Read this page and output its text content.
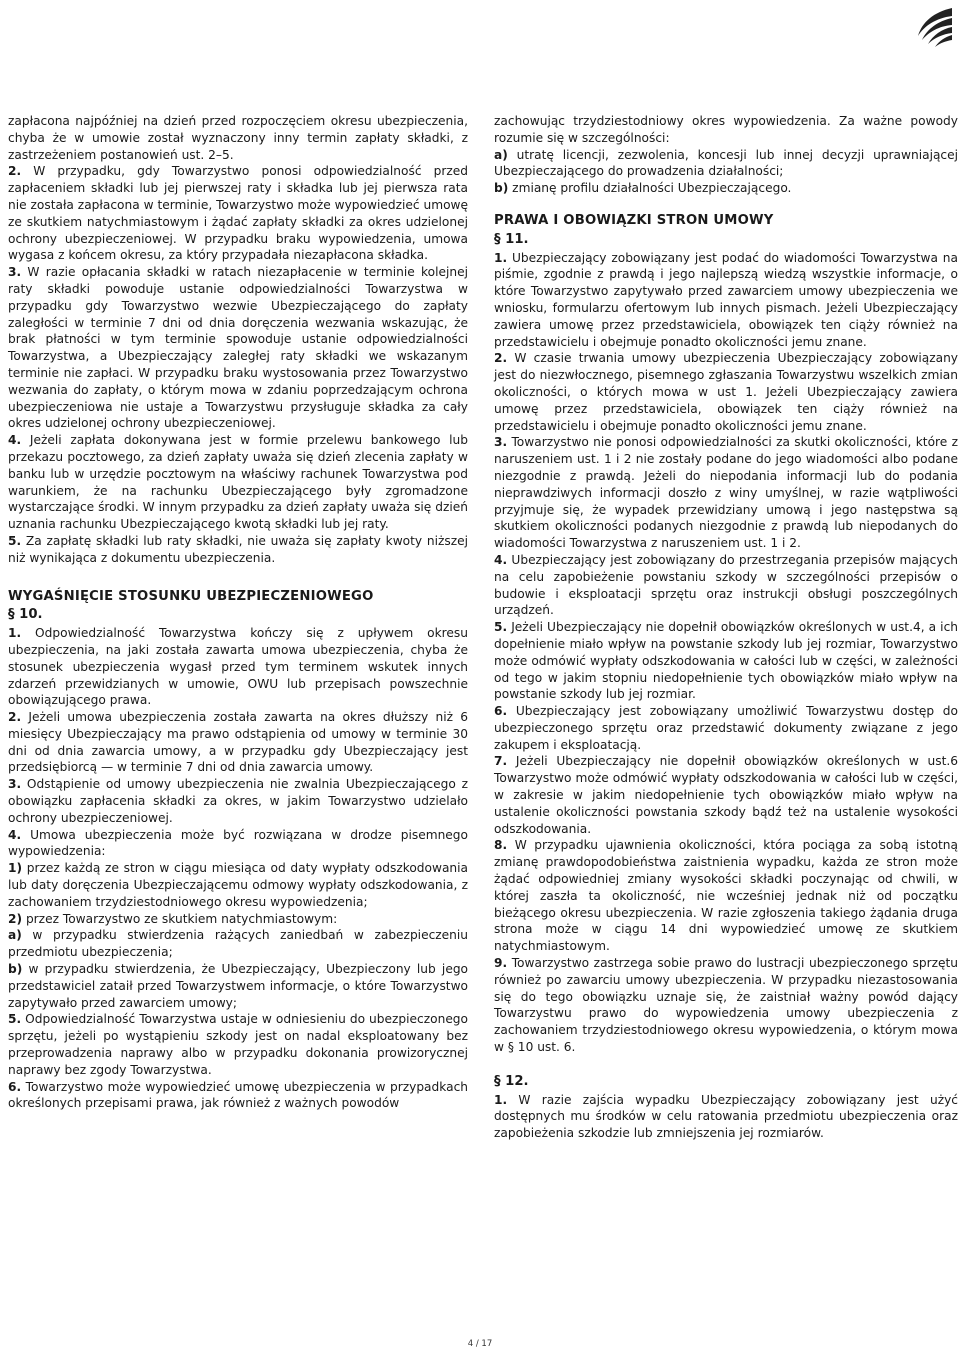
zapłacona najpóźniej na dzień przed rozpoczęciem okresu ubezpieczenia, chyba że w umowie został wyznaczony inny termin zapłaty składki, z zastrzeżeniem postanowień ust. 2–5.

2. W przypadku, gdy Towarzystwo ponosi odpowiedzialność przed zapłaceniem składki lub jej pierwszej raty i składka lub jej pierwsza rata nie została zapłacona w terminie, Towarzystwo może wypowiedzieć umowę ze skutkiem natychmiastowym i żądać zapłaty składki za okres udzielonej ochrony ubezpieczeniowej. W przypadku braku wypowiedzenia, umowa wygasa z końcem okresu, za który przypadała niezapłacona składka.

3. W razie opłacania składki w ratach niezapłacenie w terminie kolejnej raty składki powoduje ustanie odpowiedzialności Towarzystwa w przypadku gdy Towarzystwo wezwie Ubezpieczającego do zapłaty zaległości w terminie 7 dni od dnia doręczenia wezwania wskazując, że brak płatności w tym terminie spowoduje ustanie odpowiedzialności Towarzystwa, a Ubezpieczający zaległej raty składki we wskazanym terminie nie zapłaci. W przypadku braku wystosowania przez Towarzystwo wezwania do zapłaty, o którym mowa w zdaniu poprzedzającym ochrona ubezpieczeniowa nie ustaje a Towarzystwu przysługuje składka za cały okres udzielonej ochrony ubezpieczeniowej.

4. Jeżeli zapłata dokonywana jest w formie przelewu bankowego lub przekazu pocztowego, za dzień zapłaty uważa się dzień zlecenia zapłaty w banku lub w urzędzie pocztowym na właściwy rachunek Towarzystwa pod warunkiem, że na rachunku Ubezpieczającego były zgromadzone wystarczające środki. W innym przypadku za dzień zapłaty uważa się dzień uznania rachunku Ubezpieczającego kwotą składki lub jej raty.

5. Za zapłatę składki lub raty składki, nie uważa się zapłaty kwoty niższej niż wynikająca z dokumentu ubezpieczenia.

WYGAŚNIĘCIE STOSUNKU UBEZPIECZENIOWEGO

§ 10.

1. Odpowiedzialność Towarzystwa kończy się z upływem okresu ubezpieczenia, na jaki została zawarta umowa ubezpieczenia, chyba że stosunek ubezpieczenia wygasł przed tym terminem wskutek innych zdarzeń przewidzianych w umowie, OWU lub przepisach powszechnie obowiązującego prawa.

2. Jeżeli umowa ubezpieczenia została zawarta na okres dłuższy niż 6 miesięcy Ubezpieczający ma prawo odstąpienia od umowy w terminie 30 dni od dnia zawarcia umowy, a w przypadku gdy Ubezpieczający jest przedsiębiorcą — w terminie 7 dni od dnia zawarcia umowy.

3. Odstąpienie od umowy ubezpieczenia nie zwalnia Ubezpieczającego z obowiązku zapłacenia składki za okres, w jakim Towarzystwo udzielało ochrony ubezpieczeniowej.

4. Umowa ubezpieczenia może być rozwiązana w drodze pisemnego wypowiedzenia:

1) przez każdą ze stron w ciągu miesiąca od daty wypłaty odszkodowania lub daty doręczenia Ubezpieczającemu odmowy wypłaty odszkodowania, z zachowaniem trzydziestodniowego okresu wypowiedzenia;

2) przez Towarzystwo ze skutkiem natychmiastowym:

a) w przypadku stwierdzenia rażących zaniedbań w zabezpieczeniu przedmiotu ubezpieczenia;

b) w przypadku stwierdzenia, że Ubezpieczający, Ubezpieczony lub jego przedstawiciel zataił przed Towarzystwem informacje, o które Towarzystwo zapytywało przed zawarciem umowy;

5. Odpowiedzialność Towarzystwa ustaje w odniesieniu do ubezpieczonego sprzętu, jeżeli po wystąpieniu szkody jest on nadal eksploatowany bez przeprowadzenia naprawy albo w przypadku dokonania prowizorycznej naprawy bez zgody Towarzystwa.

6. Towarzystwo może wypowiedzieć umowę ubezpieczenia w przypadkach określonych przepisami prawa, jak również z ważnych powodów

zachowując trzydziestodniowy okres wypowiedzenia. Za ważne powody rozumie się w szczególności:

a) utratę licencji, zezwolenia, koncesji lub innej decyzji uprawniającej Ubezpieczającego do prowadzenia działalności;

b) zmianę profilu działalności Ubezpieczającego.

PRAWA I OBOWIĄZKI STRON UMOWY

§ 11.

1. Ubezpieczający zobowiązany jest podać do wiadomości Towarzystwa na piśmie, zgodnie z prawdą i jego najlepszą wiedzą wszystkie informacje, o które Towarzystwo zapytywało przed zawarciem umowy ubezpieczenia we wniosku, formularzu ofertowym lub innych pismach. Jeżeli Ubezpieczający zawiera umowę przez przedstawiciela, obowiązek ten ciąży również na przedstawicielu i obejmuje ponadto okoliczności jemu znane.

2. W czasie trwania umowy ubezpieczenia Ubezpieczający zobowiązany jest do niezwłocznego, pisemnego zgłaszania Towarzystwu wszelkich zmian okoliczności, o których mowa w ust 1. Jeżeli Ubezpieczający zawiera umowę przez przedstawiciela, obowiązek ten ciąży również na przedstawicielu i obejmuje ponadto okoliczności jemu znane.

3. Towarzystwo nie ponosi odpowiedzialności za skutki okoliczności, które z naruszeniem ust. 1 i 2 nie zostały podane do jego wiadomości albo podane niezgodnie z prawdą. Jeżeli do niepodania informacji lub do podania nieprawdziwych informacji doszło z winy umyślnej, w razie wątpliwości przyjmuje się, że wypadek przewidziany umową i jego następstwa są skutkiem okoliczności podanych niezgodnie z prawdą lub niepodanych do wiadomości Towarzystwa z naruszeniem ust. 1 i 2.

4. Ubezpieczający jest zobowiązany do przestrzegania przepisów mających na celu zapobieżenie powstaniu szkody w szczególności przepisów o budowie i eksploatacji sprzętu oraz instrukcji obsługi poszczególnych urządzeń.

5. Jeżeli Ubezpieczający nie dopełnił obowiązków określonych w ust.4, a ich dopełnienie miało wpływ na powstanie szkody lub jej rozmiar, Towarzystwo może odmówić wypłaty odszkodowania w całości lub w części, w zależności od tego w jakim stopniu niedopełnienie tych obowiązków miało wpływ na powstanie szkody lub jej rozmiar.

6. Ubezpieczający jest zobowiązany umożliwić Towarzystwu dostęp do ubezpieczonego sprzętu oraz przedstawić dokumenty związane z jego zakupem i eksploatacją.

7. Jeżeli Ubezpieczający nie dopełnił obowiązków określonych w ust.6 Towarzystwo może odmówić wypłaty odszkodowania w całości lub w części, w zakresie w jakim niedopełnienie tych obowiązków miało wpływ na ustalenie okoliczności powstania szkody bądź też na ustalenie wysokości odszkodowania.

8. W przypadku ujawnienia okoliczności, która pociąga za sobą istotną zmianę prawdopodobieństwa zaistnienia wypadku, każda ze stron może żądać odpowiedniej zmiany wysokości składki poczynając od chwili, w której zaszła ta okoliczność, nie wcześniej jednak niż od początku bieżącego okresu ubezpieczenia. W razie zgłoszenia takiego żądania druga strona może w ciągu 14 dni wypowiedzieć umowę ze skutkiem natychmiastowym.

9. Towarzystwo zastrzega sobie prawo do lustracji ubezpieczonego sprzętu również po zawarciu umowy ubezpieczenia. W przypadku niezastosowania się do tego obowiązku uznaje się, że zaistniał ważny powód dający Towarzystwu prawo do wypowiedzenia umowy ubezpieczenia z zachowaniem trzydziestodniowego okresu wypowiedzenia, o którym mowa w § 10 ust. 6.

§ 12.

1. W razie zajścia wypadku Ubezpieczający zobowiązany jest użyć dostępnych mu środków w celu ratowania przedmiotu ubezpieczenia oraz zapobieżenia szkodzie lub zmniejszenia jej rozmiarów.

4 / 17
